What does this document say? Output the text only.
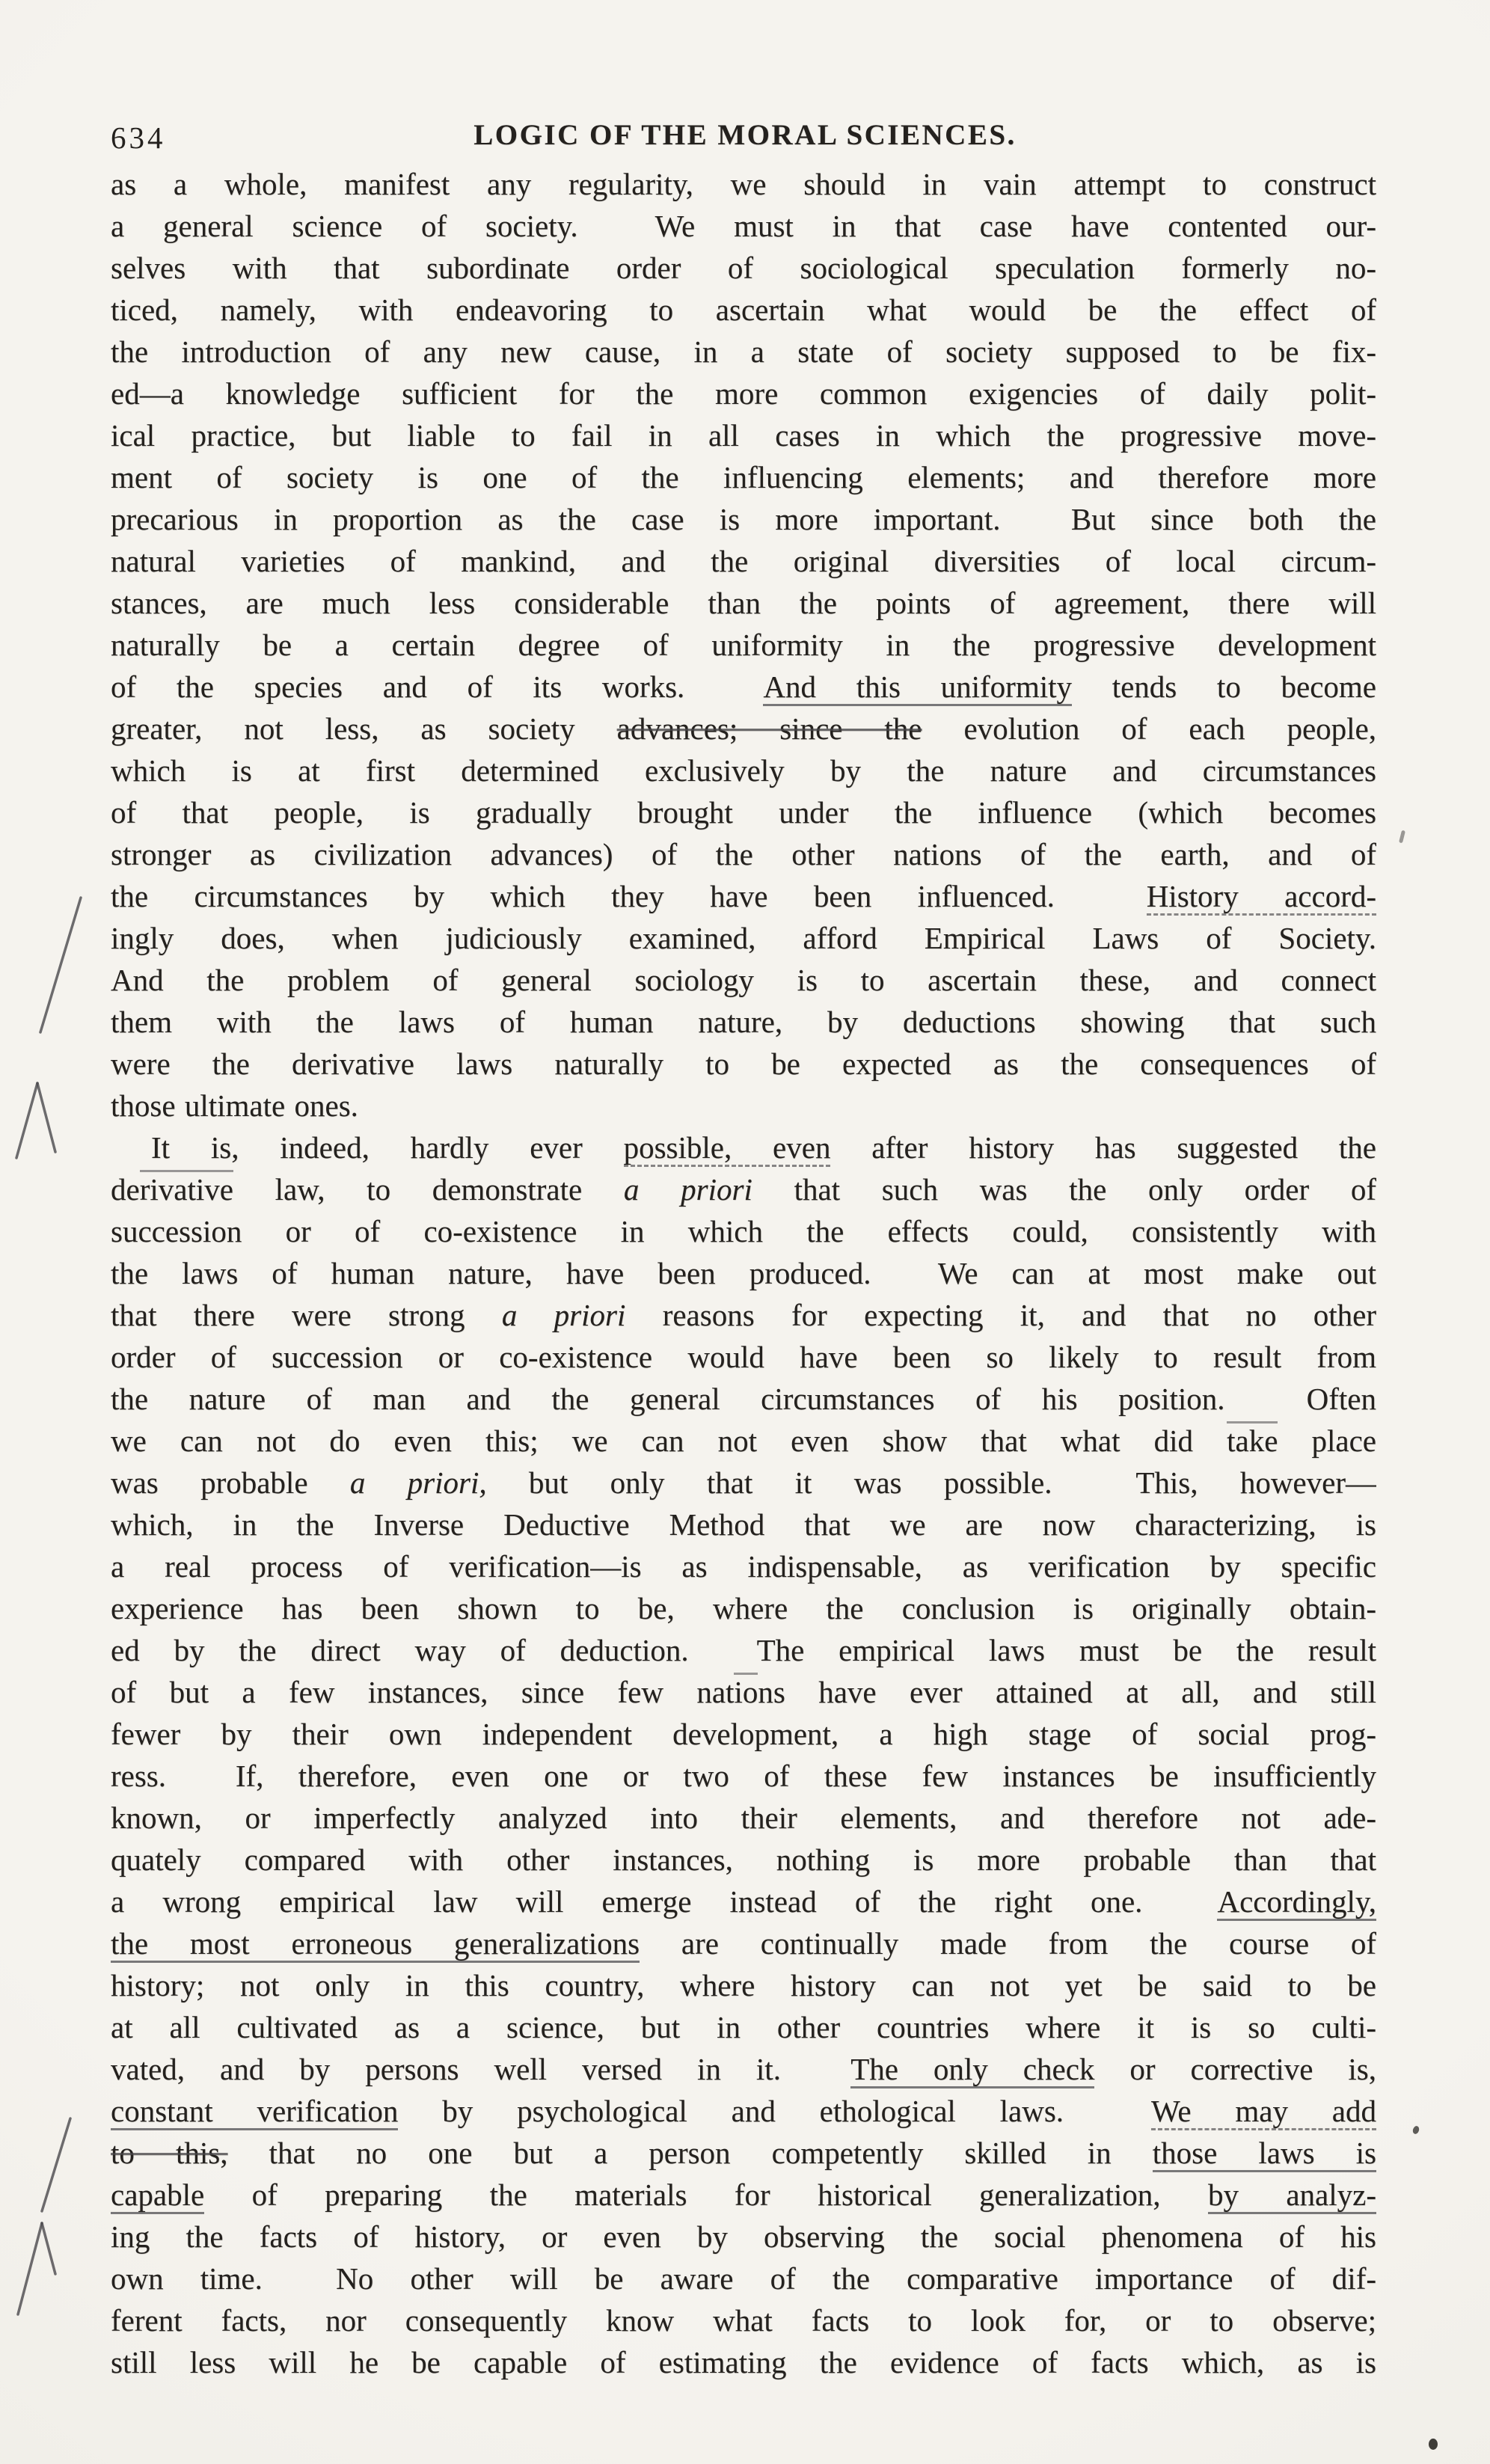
634	LOGIC OF THE MORAL SCIENCES.
as a whole, manifest any regularity, we should in vain attempt to construct
a general science of society.  We must in that case have contented our-
selves with that subordinate order of sociological speculation formerly no-
ticed, namely, with endeavoring to ascertain what would be the effect of
the introduction of any new cause, in a state of society supposed to be fix-
ed—a knowledge sufficient for the more common exigencies of daily polit-
ical practice, but liable to fail in all cases in which the progressive move-
ment of society is one of the influencing elements; and therefore more
precarious in proportion as the case is more important.  But since both the
natural varieties of mankind, and the original diversities of local circum-
stances, are much less considerable than the points of agreement, there will
naturally be a certain degree of uniformity in the progressive development
of the species and of its works.  And this uniformity tends to become
greater, not less, as society advances; since the evolution of each people,
which is at first determined exclusively by the nature and circumstances
of that people, is gradually brought under the influence (which becomes
stronger as civilization advances) of the other nations of the earth, and of
the circumstances by which they have been influenced.  History accord-
ingly does, when judiciously examined, afford Empirical Laws of Society.
And the problem of general sociology is to ascertain these, and connect
them with the laws of human nature, by deductions showing that such
were the derivative laws naturally to be expected as the consequences of
those ultimate ones.
It is, indeed, hardly ever possible, even after history has suggested the
derivative law, to demonstrate a priori that such was the only order of
succession or of co-existence in which the effects could, consistently with
the laws of human nature, have been produced.  We can at most make out
that there were strong a priori reasons for expecting it, and that no other
order of succession or co-existence would have been so likely to result from
the nature of man and the general circumstances of his position.  Often
we can not do even this; we can not even show that what did take place
was probable a priori, but only that it was possible.  This, however—
which, in the Inverse Deductive Method that we are now characterizing, is
a real process of verification—is as indispensable, as verification by specific
experience has been shown to be, where the conclusion is originally obtain-
ed by the direct way of deduction.  The empirical laws must be the result
of but a few instances, since few nations have ever attained at all, and still
fewer by their own independent development, a high stage of social prog-
ress.  If, therefore, even one or two of these few instances be insufficiently
known, or imperfectly analyzed into their elements, and therefore not ade-
quately compared with other instances, nothing is more probable than that
a wrong empirical law will emerge instead of the right one.  Accordingly,
the most erroneous generalizations are continually made from the course of
history; not only in this country, where history can not yet be said to be
at all cultivated as a science, but in other countries where it is so culti-
vated, and by persons well versed in it.  The only check or corrective is,
constant verification by psychological and ethological laws.  We may add
to this, that no one but a person competently skilled in those laws is
capable of preparing the materials for historical generalization, by analyz-
ing the facts of history, or even by observing the social phenomena of his
own time.  No other will be aware of the comparative importance of dif-
ferent facts, nor consequently know what facts to look for, or to observe;
still less will he be capable of estimating the evidence of facts which, as is
